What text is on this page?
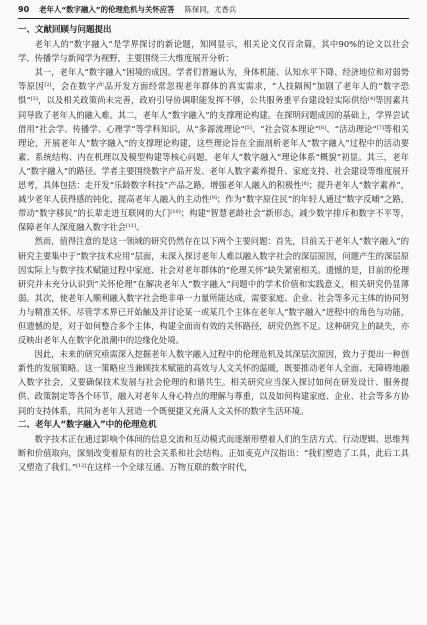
90 老年人“数字融入”的伦理危机与关怀应答 陈保同，尤香兵
一、文献回顾与问题提出

老年人的“数字融入”是学界探讨的新论题，知网显示，相关论文仅百余篇，其中90%的论文以社会学、传播学与新闻学为视野，主要围绕三大维度展开分析：

其一，老年人“数字融入”困境的成因。学者们普遍认为，身体机能、认知水平下降、经济地位和对弱势等原因[2]，会在数字产品开发方面经常忽视老年群体的真实需求，“人技隔阂”加剧了老年人的“数字恐惧”[3]，以及相关政策尚未完善，政府引导协调职能发挥不够，公共服务重平台建设轻实际供给[4]等因素共同导致了老年人的融入难。其二，老年人“数字融入”的支撑理论构建。在探明问题成因的基础上，学界尝试借用“社会学、传播学、心理学”等学科知识，从“多源流理论”[5]、“社会资本理论”[6]、“活动理论”[7]等相关理论，开展老年人“数字融入”的支撑理论构建，这些理论旨在全面剖析老年人“数字融入”过程中的活动要素、系统结构、内在机理以及模型构建等核心问题，老年人“数字融入”理论体系“概貌”初显。其三，老年人“数字融入”的路径。学者主要围绕数字产品开发、老年人数字素养提升、家庭支持、社会建设等维度展开思考，具体包括：走开发“乐龄数字科技”产品之路，增强老年人融入的积极性[8]；提升老年人“数字素养”，减少老年人获得感的钝化，提高老年人融入的主动性[9]；作为“数字原住民”的年轻人通过“数字反哺”之路，带动“数字移民”的长辈走进互联网的大门[10]；构建“智慧老龄社会”新形态，减少数字排斥和数字不平等，保障老年人深度融入数字社会[11]。

然而，值得注意的是这一领域的研究仍然存在以下两个主要问题：首先，目前关于老年人“数字融入”的研究主要集中于“数字技术应用”层面，未深入探讨老年人难以融入数字社会的深层原因，问题产生的深层原因实际上与数字技术赋能过程中家庭、社会对老年群体的“伦理关怀”缺失紧密相关。遗憾的是，目前的伦理研究并未充分认识到“关怀伦理”在解决老年人“数字融入”问题中的学术价值和实践意义，相关研究仍显薄弱。其次，使老年人顺利融入数字社会绝非单一力量所能达成，需要家庭、企业、社会等多元主体的协同努力与精准关怀。尽管学术界已开始触及并讨论某一或某几个主体在老年人“数字融入”进程中的角色与功能，但遗憾的是，对于如何整合多个主体，构建全面而有效的关怀路径，研究仍然不足。这种研究上的缺失，亦反映出老年人在数字化浪潮中的边缘化处境。

因此，未来的研究亟需深入挖掘老年人数字融入过程中的伦理危机及其深层次原因，致力于提出一种创新性的发展策略。这一策略应当兼顾技术赋能的高效与人文关怀的温暖，既要推动老年人全面、无障碍地融入数字社会，又要确保技术发展与社会伦理的和谐共生。相关研究应当深入探讨如何在研发设计、服务提供、政策制定等各个环节，融入对老年人身心特点的理解与尊重，以及如何构建家庭、企业、社会等多方协同的支持体系，共同为老年人营造一个既便捷又充满人文关怀的数字生活环境。

二、老年人“数字融入”中的伦理危机

数字技术正在通过影响个体间的信息交流和互动模式而逐渐形塑着人们的生活方式、行动逻辑、思维判断和价值取向，深刻改变着原有的社会关系和社会结构。正如麦克卢汉指出：“我们塑造了工具，此后工具又塑造了我们。”[12]在这样一个全球互通、万物互联的数字时代，
